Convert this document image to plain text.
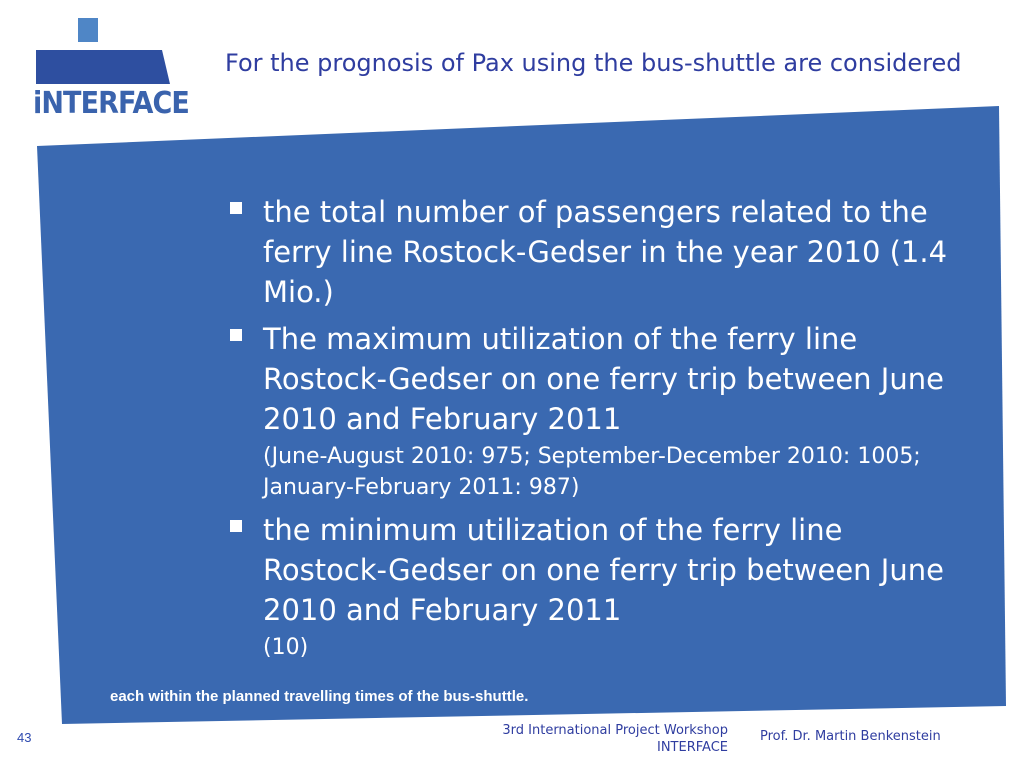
iNTERFACE
For the prognosis of Pax using the bus-shuttle are considered
the total number of passengers related to the ferry line Rostock-Gedser in the year 2010 (1.4 Mio.)
The maximum utilization of the ferry line Rostock-Gedser on one ferry trip between June 2010 and February 2011
(June-August 2010: 975; September-December 2010: 1005; January-February 2011: 987)
the minimum utilization of the ferry line Rostock-Gedser on one ferry trip between June 2010 and February 2011
(10)
each within the planned travelling times of the bus-shuttle.
43	3rd International Project Workshop
INTERFACE
Prof. Dr. Martin Benkenstein
